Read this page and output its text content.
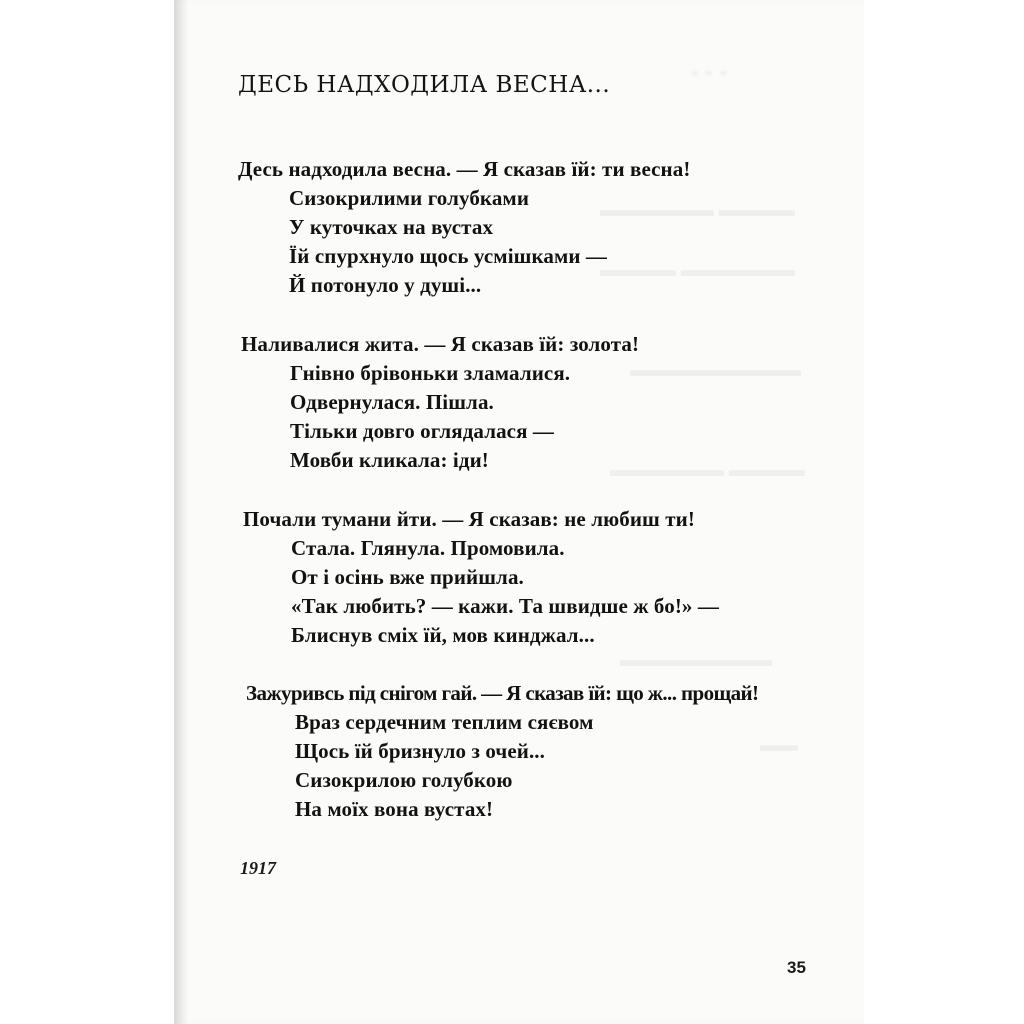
ДЕСЬ НАДХОДИЛА ВЕСНА...
Десь надходила весна. — Я сказав їй: ти весна!
Сизокрилими голубками
У куточках на вустах
Їй спурхнуло щось усмішками —
Й потонуло у душі...
Наливалися жита. — Я сказав їй: золота!
Гнівно брівоньки зламалися.
Одвернулася. Пішла.
Тільки довго оглядалася —
Мовби кликала: іди!
Почали тумани йти. — Я сказав: не любиш ти!
Стала. Глянула. Промовила.
От і осінь вже прийшла.
«Так любить? — кажи. Та швидше ж бо!» —
Блиснув сміх їй, мов кинджал...
Зажуривсь під снігом гай. — Я сказав їй: що ж... прощай!
Враз сердечним теплим сяєвом
Щось їй бризнуло з очей...
Сизокрилою голубкою
На моїх вона вустах!
1917
35
